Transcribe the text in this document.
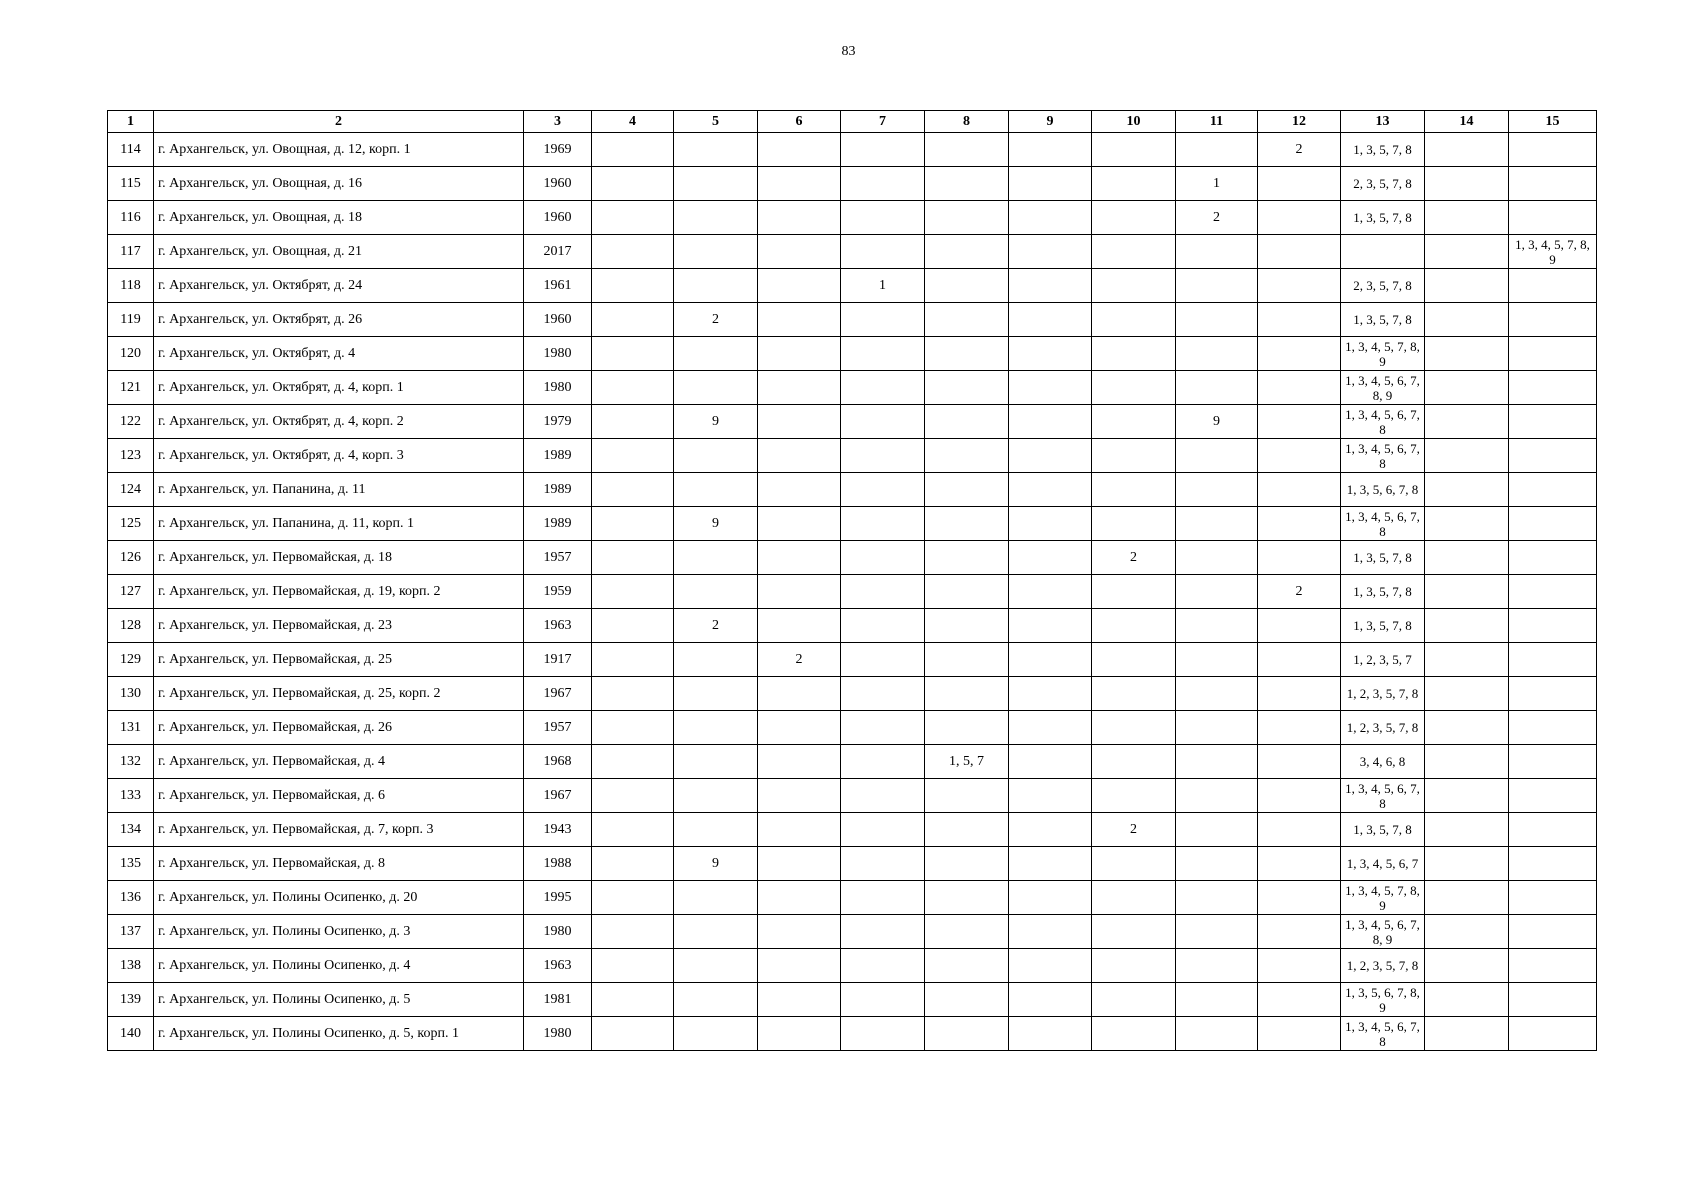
83
1	2	3	4	5	6	7	8	9	10	11	12	13	14	15
114	г. Архангельск, ул. Овощная, д. 12, корп. 1	1969									2	1, 3, 5, 7, 8		
115	г. Архангельск, ул. Овощная, д. 16	1960								1		2, 3, 5, 7, 8		
116	г. Архангельск, ул. Овощная, д. 18	1960								2		1, 3, 5, 7, 8		
117	г. Архангельск, ул. Овощная, д. 21	2017												1, 3, 4, 5, 7, 8, 9
118	г. Архангельск, ул. Октябрят, д. 24	1961				1						2, 3, 5, 7, 8		
119	г. Архангельск, ул. Октябрят, д. 26	1960		2								1, 3, 5, 7, 8		
120	г. Архангельск, ул. Октябрят, д. 4	1980										1, 3, 4, 5, 7, 8, 9		
121	г. Архангельск, ул. Октябрят, д. 4, корп. 1	1980										1, 3, 4, 5, 6, 7, 8, 9		
122	г. Архангельск, ул. Октябрят, д. 4, корп. 2	1979		9						9		1, 3, 4, 5, 6, 7, 8		
123	г. Архангельск, ул. Октябрят, д. 4, корп. 3	1989										1, 3, 4, 5, 6, 7, 8		
124	г. Архангельск, ул. Папанина, д. 11	1989										1, 3, 5, 6, 7, 8		
125	г. Архангельск, ул. Папанина, д. 11, корп. 1	1989		9								1, 3, 4, 5, 6, 7, 8		
126	г. Архангельск, ул. Первомайская, д. 18	1957							2			1, 3, 5, 7, 8		
127	г. Архангельск, ул. Первомайская, д. 19, корп. 2	1959									2	1, 3, 5, 7, 8		
128	г. Архангельск, ул. Первомайская, д. 23	1963		2								1, 3, 5, 7, 8		
129	г. Архангельск, ул. Первомайская, д. 25	1917			2							1, 2, 3, 5, 7		
130	г. Архангельск, ул. Первомайская, д. 25, корп. 2	1967										1, 2, 3, 5, 7, 8		
131	г. Архангельск, ул. Первомайская, д. 26	1957										1, 2, 3, 5, 7, 8		
132	г. Архангельск, ул. Первомайская, д. 4	1968					1, 5, 7					3, 4, 6, 8		
133	г. Архангельск, ул. Первомайская, д. 6	1967										1, 3, 4, 5, 6, 7, 8		
134	г. Архангельск, ул. Первомайская, д. 7, корп. 3	1943							2			1, 3, 5, 7, 8		
135	г. Архангельск, ул. Первомайская, д. 8	1988		9								1, 3, 4, 5, 6, 7		
136	г. Архангельск, ул. Полины Осипенко, д. 20	1995										1, 3, 4, 5, 7, 8, 9		
137	г. Архангельск, ул. Полины Осипенко, д. 3	1980										1, 3, 4, 5, 6, 7, 8, 9		
138	г. Архангельск, ул. Полины Осипенко, д. 4	1963										1, 2, 3, 5, 7, 8		
139	г. Архангельск, ул. Полины Осипенко, д. 5	1981										1, 3, 5, 6, 7, 8, 9		
140	г. Архангельск, ул. Полины Осипенко, д. 5, корп. 1	1980										1, 3, 4, 5, 6, 7, 8		
